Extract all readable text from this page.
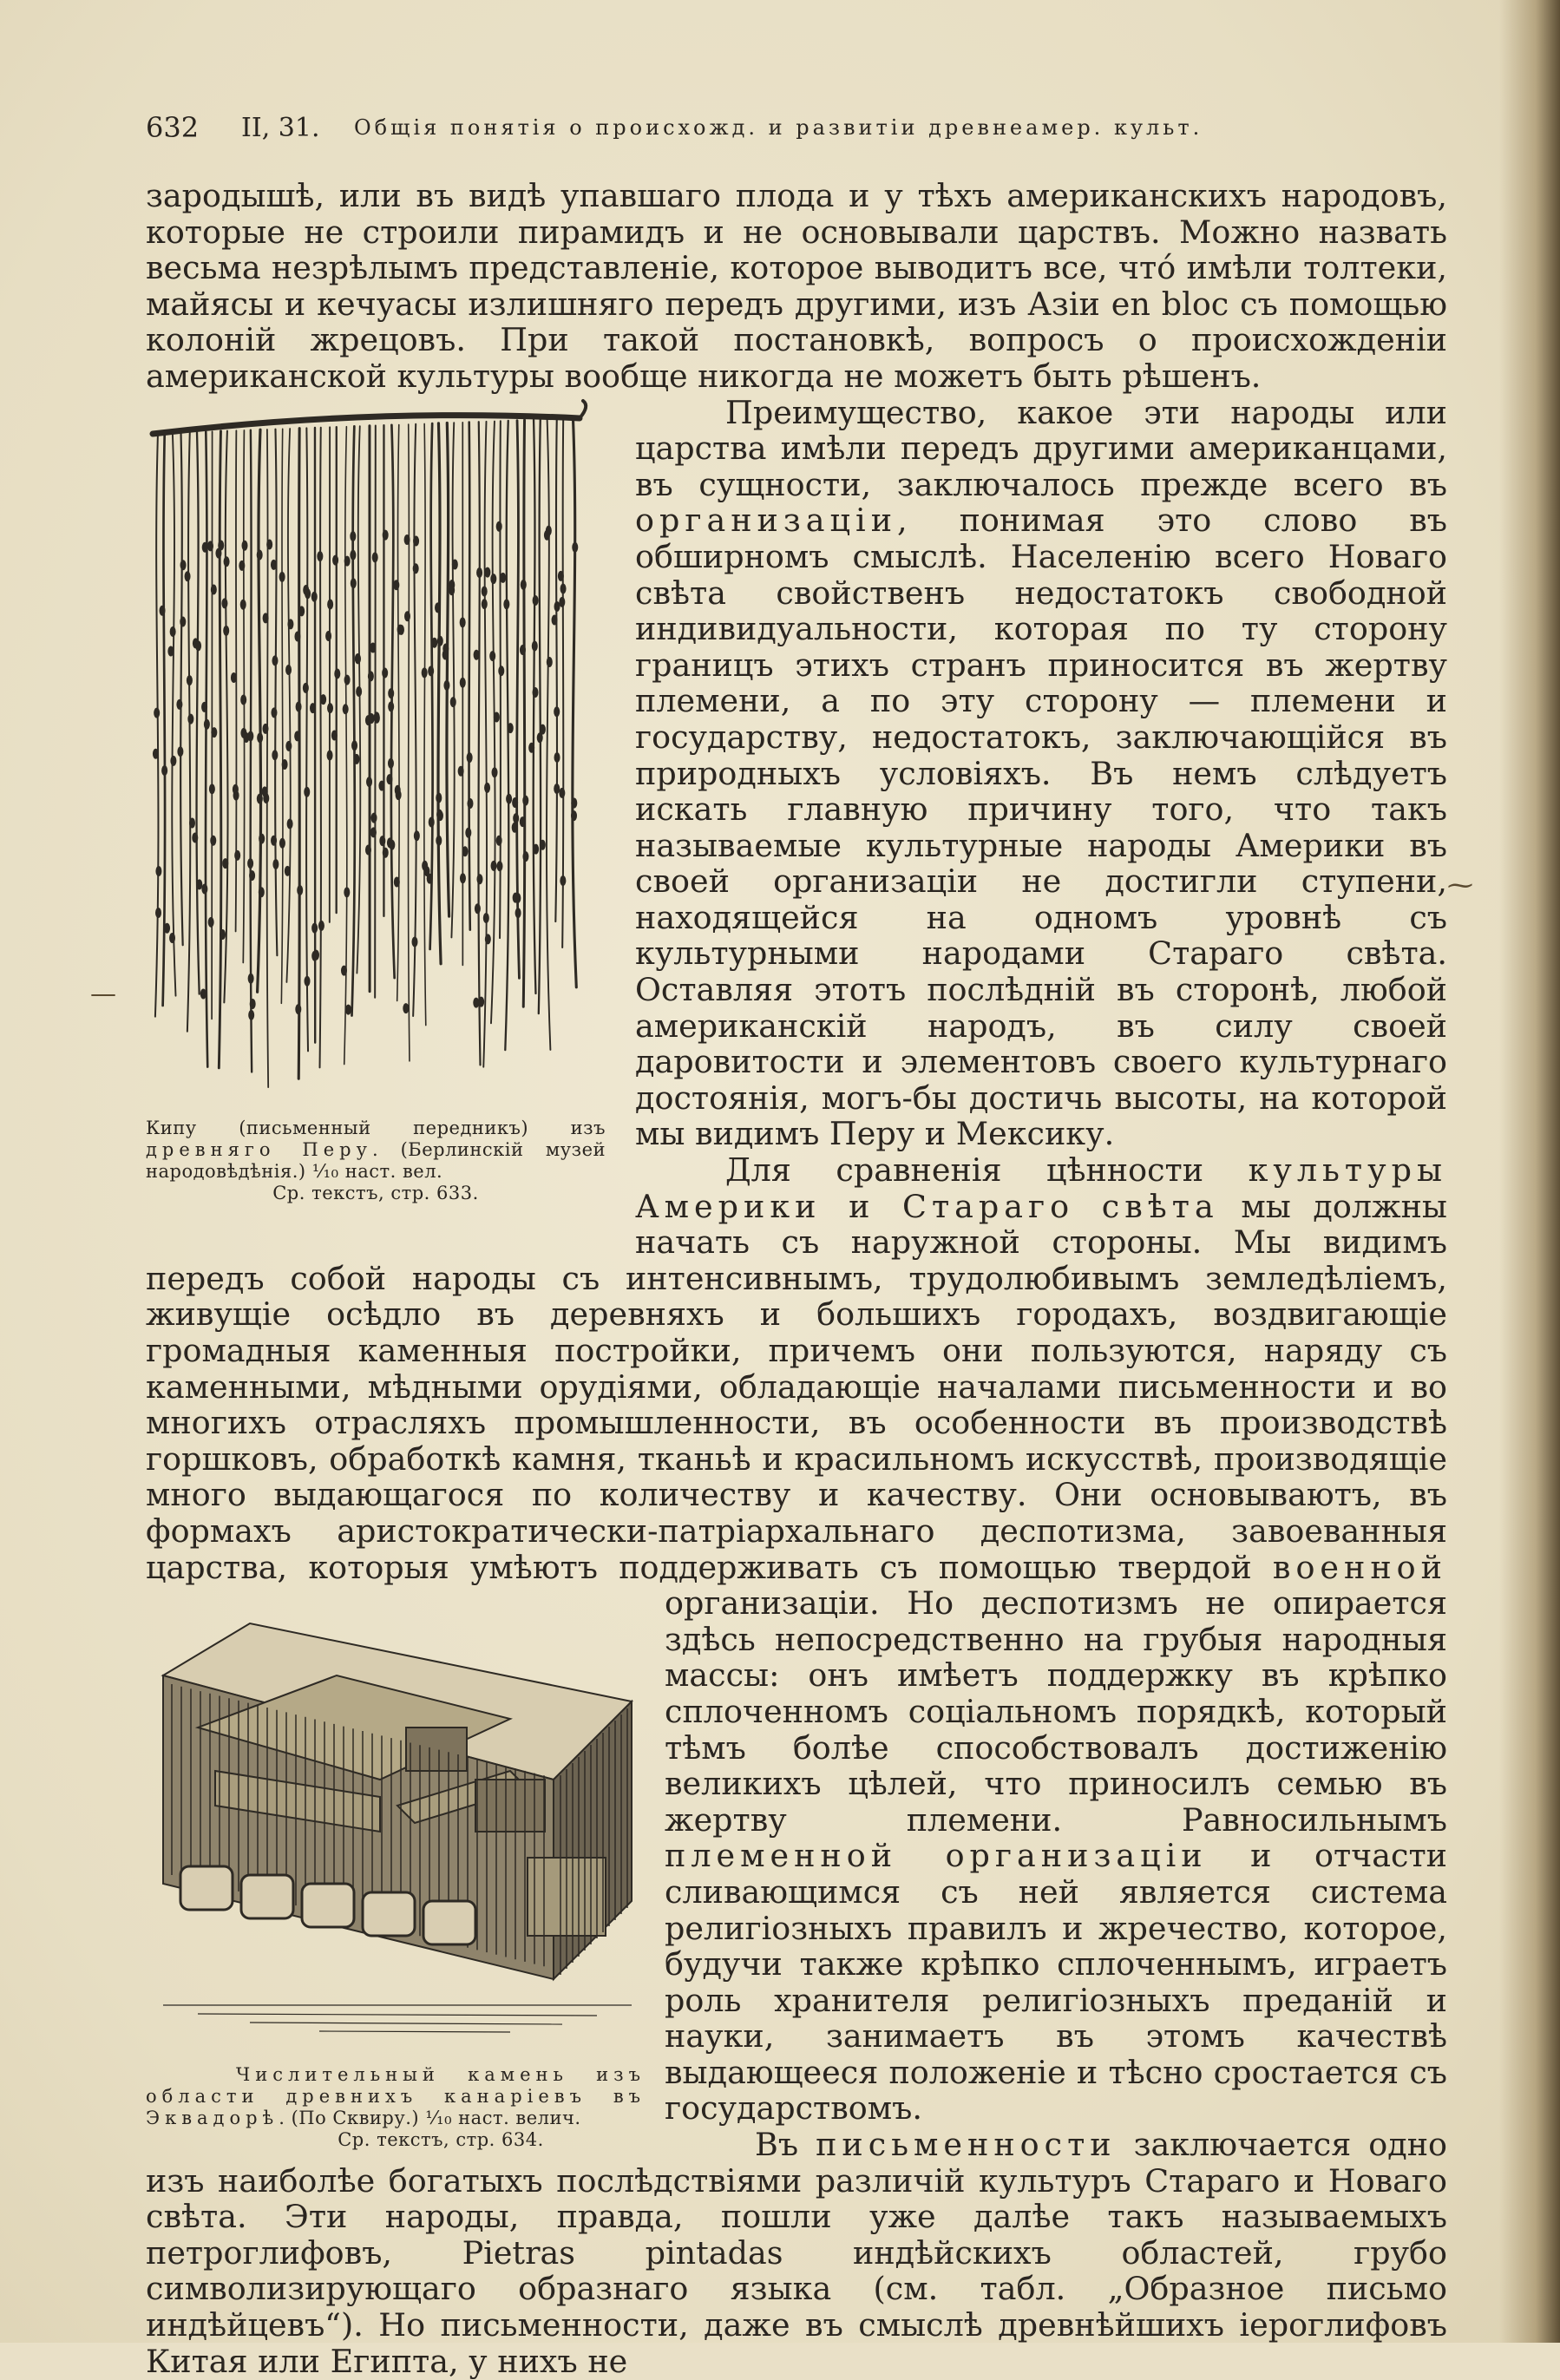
632 II, 31. Общія понятія о происхожд. и развитіи древнеамер. культ.
—
⁓

зародышѣ, или въ видѣ упавшаго плода и у тѣхъ американскихъ народовъ, которые не строили пирамидъ и не основывали царствъ. Можно назвать весьма незрѣлымъ представленіе, которое выводитъ все, что́ имѣли толтеки, майясы и кечуасы излишняго передъ другими, изъ Азіи en bloc съ помощью колоній жрецовъ. При такой постановкѣ, вопросъ о происхожденіи американской культуры вообще никогда не можетъ быть рѣшенъ.

Кипу (письменный передникъ) изъ древняго Перу. (Берлинскій музей народовѣдѣнія.) ¹⁄₁₀ наст. вел.
Ср. текстъ, стр. 633.

Преимущество, какое эти народы или царства имѣли передъ другими американцами, въ сущности, заключалось прежде всего въ организаціи, понимая это слово въ обширномъ смыслѣ. Населенію всего Новаго свѣта свойственъ недостатокъ свободной индивидуальности, которая по ту сторону границъ этихъ странъ приносится въ жертву племени, а по эту сторону — племени и государству, недостатокъ, заключающійся въ природныхъ условіяхъ. Въ немъ слѣдуетъ искать главную причину того, что такъ называемые культурные народы Америки въ своей организаціи не достигли ступени, находящейся на одномъ уровнѣ съ культурными народами Стараго свѣта. Оставляя этотъ послѣдній въ сторонѣ, любой американскій народъ, въ силу своей даровитости и элементовъ своего культурнаго достоянія, могъ-бы достичь высоты, на которой мы видимъ Перу и Мексику.

Для сравненія цѣнности культуры Америки и Стараго свѣта мы должны начать съ наружной стороны. Мы видимъ передъ собой народы съ интенсивнымъ, трудолюбивымъ земледѣліемъ, живущіе осѣдло въ деревняхъ и большихъ городахъ, воздвигающіе громадныя каменныя постройки, причемъ они пользуются, наряду съ каменными, мѣдными орудіями, обладающіе началами письменности и во многихъ отрасляхъ промышленности, въ особенности въ производствѣ горшковъ, обработкѣ камня, тканьѣ и красильномъ искусствѣ, производящіе много выдающагося по количеству и качеству. Они основываютъ, въ формахъ аристократически-патріархальнаго деспотизма, завоеванныя царства, которыя умѣютъ поддерживать съ помощью твердой
Числительный камень изъ области древнихъ канаріевъ въ Эквадорѣ. (По Сквиру.) ¹⁄₁₀ наст. велич.
Ср. текстъ, стр. 634.
военной организаціи. Но деспотизмъ не опирается здѣсь непосредственно на грубыя народныя массы: онъ имѣетъ поддержку въ крѣпко сплоченномъ соціальномъ порядкѣ, который тѣмъ болѣе способствовалъ достиженію великихъ цѣлей, что приносилъ семью въ жертву племени. Равносильнымъ племенной организаціи и отчасти сливающимся съ ней является система религіозныхъ правилъ и жречество, которое, будучи также крѣпко сплоченнымъ, играетъ роль хранителя религіозныхъ преданій и науки, занимаетъ въ этомъ качествѣ выдающееся положеніе и тѣсно сростается съ государствомъ.

Въ письменности заключается одно изъ наиболѣе богатыхъ послѣдствіями различій культуръ Стараго и Новаго свѣта. Эти народы, правда, пошли уже далѣе такъ называемыхъ петроглифовъ, Pietras pintadas индѣйскихъ областей, грубо символизирующаго образнаго языка (см. табл. „Образное письмо индѣйцевъ“). Но письменности, даже въ смыслѣ древнѣйшихъ іероглифовъ Китая или Египта, у нихъ не
